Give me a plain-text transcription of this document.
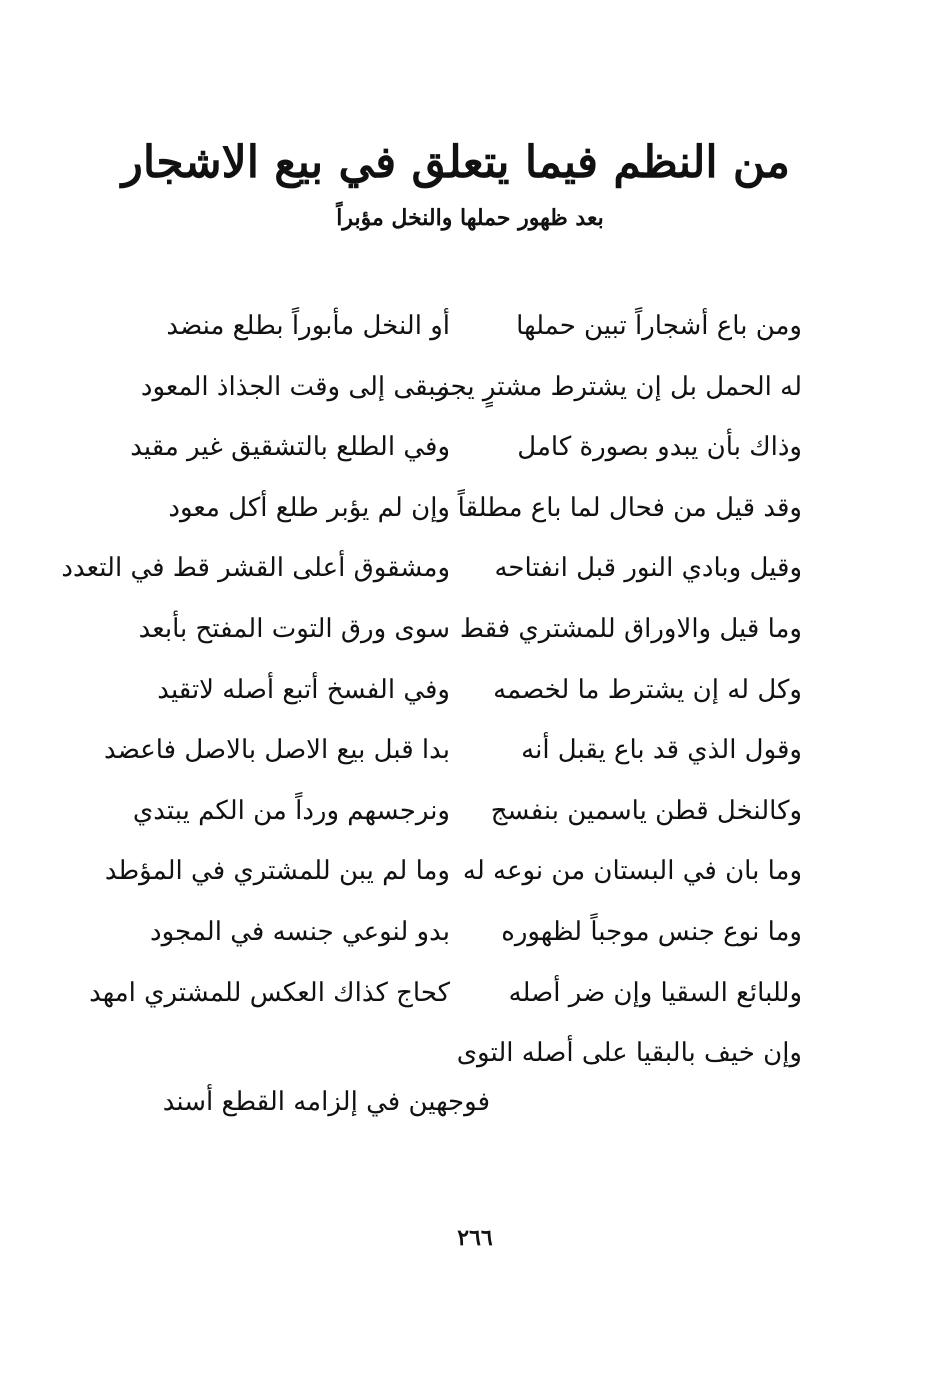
من النظم فيما يتعلق في بيع الاشجار
بعد ظهور حملها والنخل مؤبراً
ومن باع أشجاراً تبين حملها
أو النخل مأبوراً بطلع منضد
له الحمل بل إن يشترط مشترٍ يجز
مبقى إلى وقت الجذاذ المعود
وذاك بأن يبدو بصورة كامل
وفي الطلع بالتشقيق غير مقيد
وقد قيل من فحال لما باع مطلقاً
وإن لم يؤبر طلع أكل معود
وقيل وبادي النور قبل انفتاحه
ومشقوق أعلى القشر قط في التعدد
وما قيل والاوراق للمشتري فقط
سوى ورق التوت المفتح بأبعد
وكل له إن يشترط ما لخصمه
وفي الفسخ أتبع أصله لاتقيد
وقول الذي قد باع يقبل أنه
بدا قبل بيع الاصل بالاصل فاعضد
وكالنخل قطن ياسمين بنفسج
ونرجسهم ورداً من الكم يبتدي
وما بان في البستان من نوعه له
وما لم يبن للمشتري في المؤطد
وما نوع جنس موجباً لظهوره
بدو لنوعي جنسه في المجود
وللبائع السقيا وإن ضر أصله
كحاج كذاك العكس للمشتري امهد
وإن خيف بالبقيا على أصله التوى
فوجهين في إلزامه القطع أسند
٢٦٦
